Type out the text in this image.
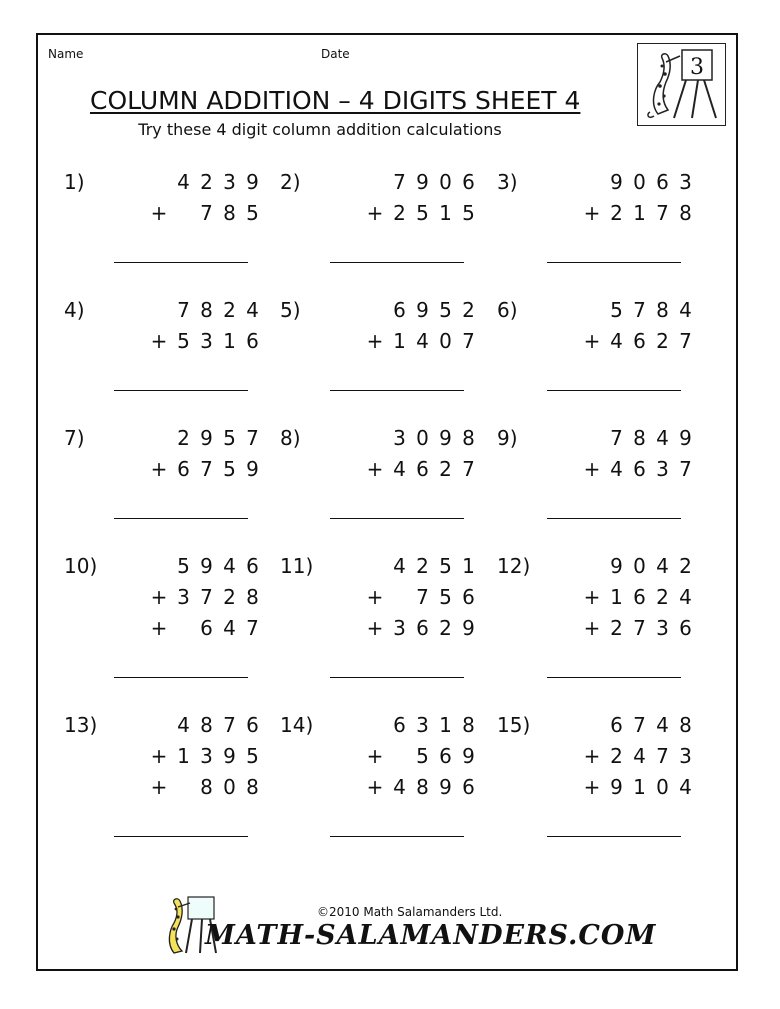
Name	Date
3
COLUMN ADDITION – 4 DIGITS SHEET 4
Try these 4 digit column addition calculations
1)	4 2 3 9
+ 7 8 5
2)	7 9 0 6
+ 2 5 1 5
3)	9 0 6 3
+ 2 1 7 8
4)	7 8 2 4
+ 5 3 1 6
5)	6 9 5 2
+ 1 4 0 7
6)	5 7 8 4
+ 4 6 2 7
7)	2 9 5 7
+ 6 7 5 9
8)	3 0 9 8
+ 4 6 2 7
9)	7 8 4 9
+ 4 6 3 7
10)	5 9 4 6
+ 3 7 2 8
+ 6 4 7
11)	4 2 5 1
+ 7 5 6
+ 3 6 2 9
12)	9 0 4 2
+ 1 6 2 4
+ 2 7 3 6
13)	4 8 7 6
+ 1 3 9 5
+ 8 0 8
14)	6 3 1 8
+ 5 6 9
+ 4 8 9 6
15)	6 7 4 8
+ 2 4 7 3
+ 9 1 0 4
©2010 Math Salamanders Ltd.
MATH-SALAMANDERS.COM
